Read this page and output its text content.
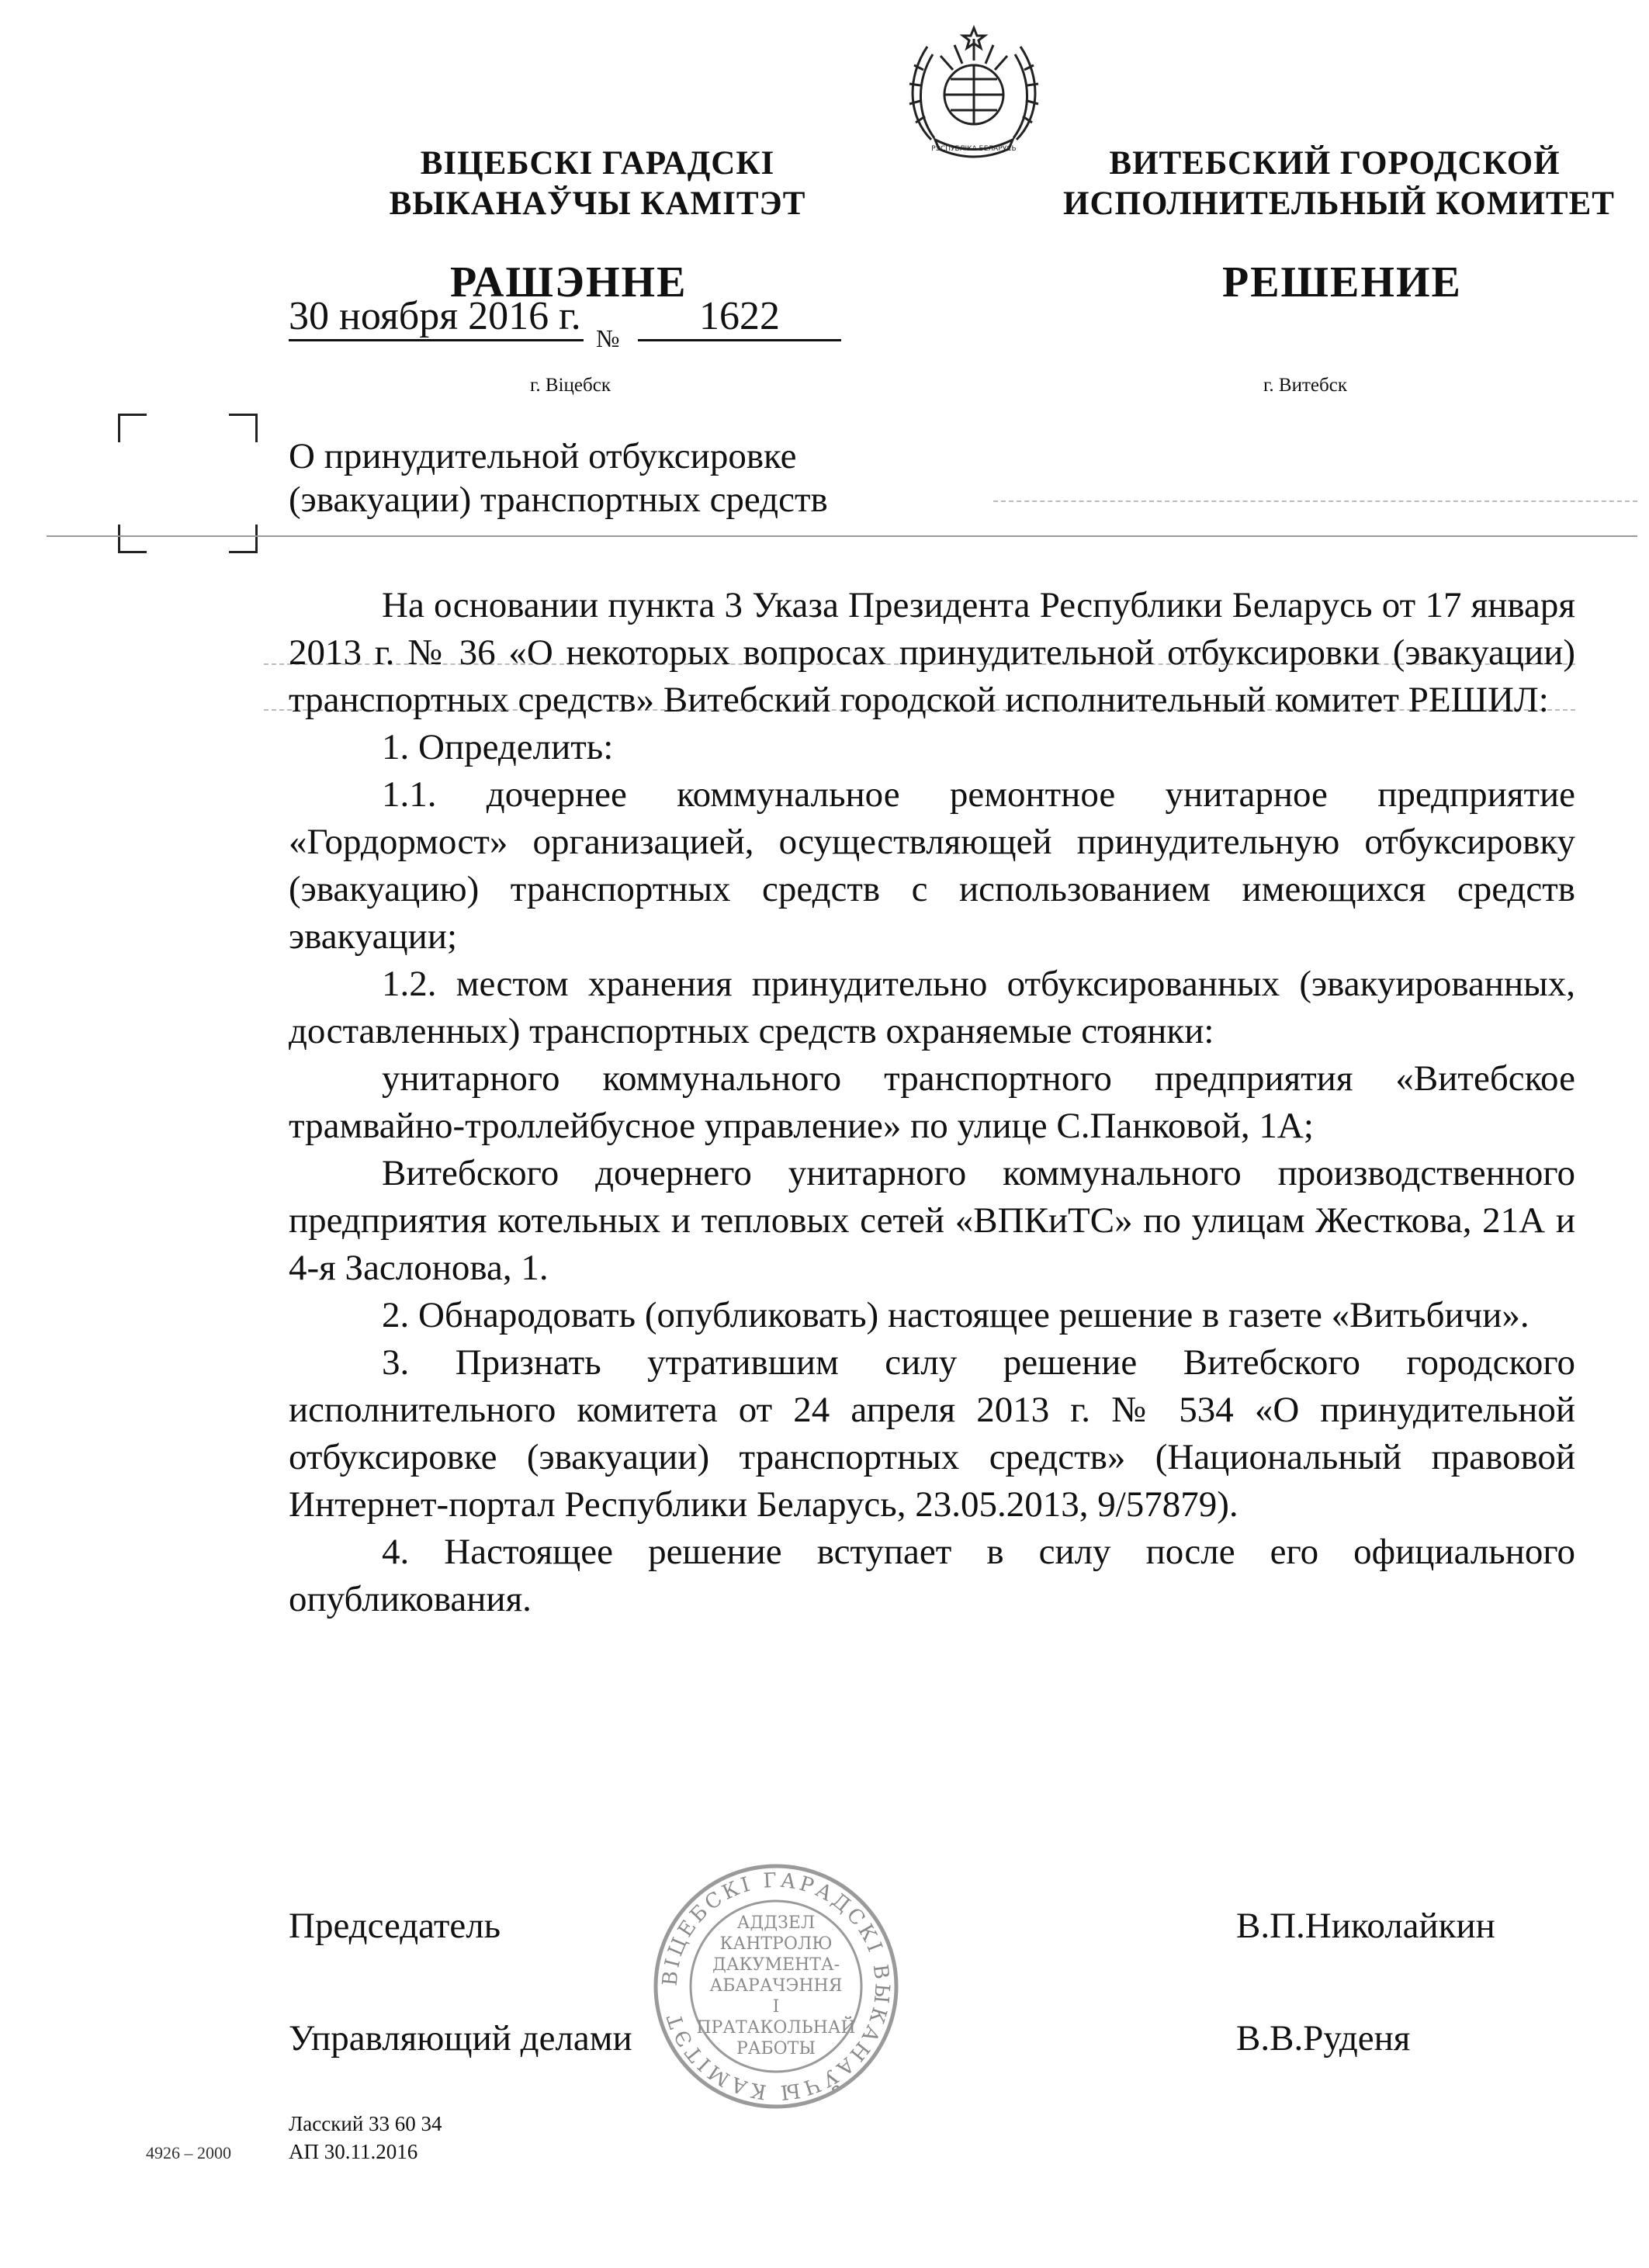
РЭСПУБЛІКА БЕЛАРУСЬ
ВІЦЕБСКІ ГАРАДСКІ
ВЫКАНАЎЧЫ КАМІТЭТ
ВИТЕБСКИЙ ГОРОДСКОЙ
ИСПОЛНИТЕЛЬНЫЙ КОМИТЕТ
РАШЭННЕ	РЕШЕНИЕ
30 ноября 2016 г. №	1622
г. Віцебск	г. Витебск
О принудительной отбуксировке
(эвакуации) транспортных средств

На основании пункта 3 Указа Президента Республики Беларусь от 17 января 2013 г. № 36 «О некоторых вопросах принудительной отбуксировки (эвакуации) транспортных средств» Витебский городской исполнительный комитет РЕШИЛ:

1. Определить:

1.1. дочернее коммунальное ремонтное унитарное предприятие «Гордормост» организацией, осуществляющей принудительную отбуксировку (эвакуацию) транспортных средств с использованием имеющихся средств эвакуации;

1.2. местом хранения принудительно отбуксированных (эвакуированных, доставленных) транспортных средств охраняемые стоянки:

унитарного коммунального транспортного предприятия «Витебское трамвайно-троллейбусное управление» по улице С.Панковой, 1А;

Витебского дочернего унитарного коммунального производственного предприятия котельных и тепловых сетей «ВПКиТС» по улицам Жесткова, 21А и 4-я Заслонова, 1.

2. Обнародовать (опубликовать) настоящее решение в газете «Витьбичи».

3. Признать утратившим силу решение Витебского городского исполнительного комитета от 24 апреля 2013 г. № 534 «О принудительной отбуксировке (эвакуации) транспортных средств» (Национальный правовой Интернет-портал Республики Беларусь, 23.05.2013, 9/57879).

4. Настоящее решение вступает в силу после его официального опубликования.

ВІЦЕБСКІ ГАРАДСКІ ВЫКАНАЎЧЫ КАМІТЭТ
АДДЗЕЛ
КАНТРОЛЮ
ДАКУМЕНТА-
АБАРАЧЭННЯ
І
ПРАТАКОЛЬНАЙ
РАБОТЫ
Председатель	В.П.Николайкин
Управляющий делами	В.В.Руденя
Ласский 33 60 34
АП 30.11.2016
4926 – 2000
